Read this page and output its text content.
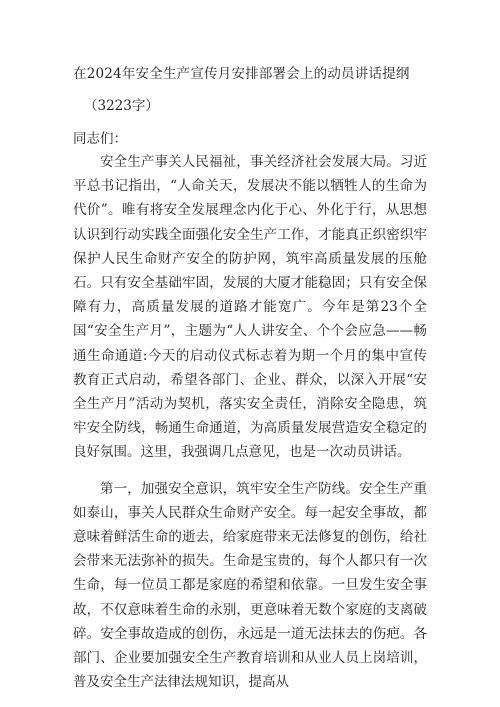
在2024年安全生产宣传月安排部署会上的动员讲话提纲
（3223字）
同志们：

安全生产事关人民福祉，事关经济社会发展大局。习近平总书记指出，“人命关天，发展决不能以牺牲人的生命为代价”。唯有将安全发展理念内化于心、外化于行，从思想认识到行动实践全面强化安全生产工作，才能真正织密织牢保护人民生命财产安全的防护网，筑牢高质量发展的压舱石。只有安全基础牢固，发展的大厦才能稳固；只有安全保障有力，高质量发展的道路才能宽广。今年是第23个全国“安全生产月”，主题为“人人讲安全、个个会应急——畅通生命通道:今天的启动仪式标志着为期一个月的集中宣传教育正式启动，希望各部门、企业、群众，以深入开展“安全生产月”活动为契机，落实安全责任，消除安全隐患，筑牢安全防线，畅通生命通道，为高质量发展营造安全稳定的良好氛围。这里，我强调几点意见，也是一次动员讲话。

第一，加强安全意识，筑牢安全生产防线。安全生产重如泰山，事关人民群众生命财产安全。每一起安全事故，都意味着鲜活生命的逝去，给家庭带来无法修复的创伤，给社会带来无法弥补的损失。生命是宝贵的，每个人都只有一次生命，每一位员工都是家庭的希望和依靠。一旦发生安全事故，不仅意味着生命的永别，更意味着无数个家庭的支离破碎。安全事故造成的创伤，永远是一道无法抹去的伤疤。各部门、企业要加强安全生产教育培训和从业人员上岗培训，普及安全生产法律法规知识，提高从
